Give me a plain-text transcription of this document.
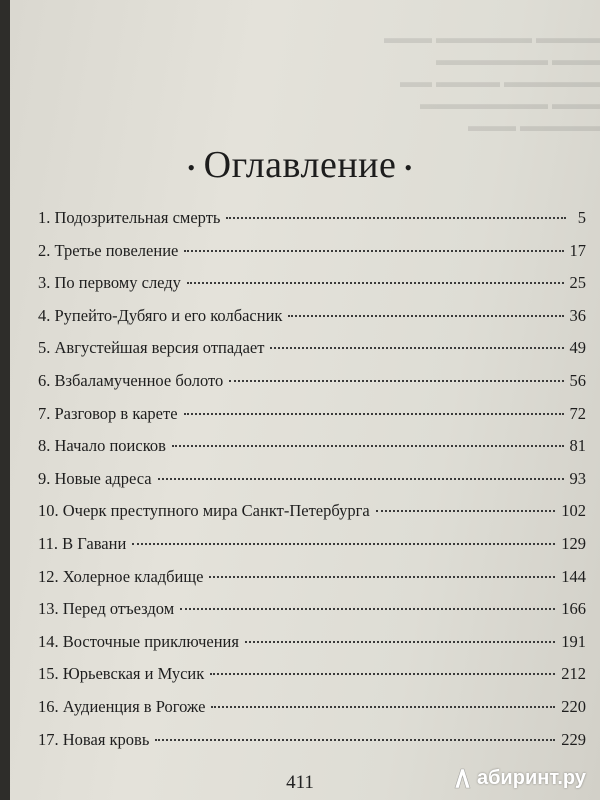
▬▬▬▬ ▬▬▬▬▬▬ ▬▬▬
▬▬▬ ▬▬▬▬▬▬▬
▬▬▬▬▬▬ ▬▬▬▬ ▬▬
▬▬▬ ▬▬▬▬▬▬▬▬
▬▬▬▬▬ ▬▬▬
• Оглавление •
1. Подозрительная смерть	5
2. Третье повеление	17
3. По первому следу	25
4. Рупейто-Дубяго и его колбасник	36
5. Августейшая версия отпадает	49
6. Взбаламученное болото	56
7. Разговор в карете	72
8. Начало поисков	81
9. Новые адреса	93
10. Очерк преступного мира Санкт-Петербурга	102
11. В Гавани	129
12. Холерное кладбище	144
13. Перед отъездом	166
14. Восточные приключения	191
15. Юрьевская и Мусик	212
16. Аудиенция в Рогоже	220
17. Новая кровь	229
411	абиринт.ру
